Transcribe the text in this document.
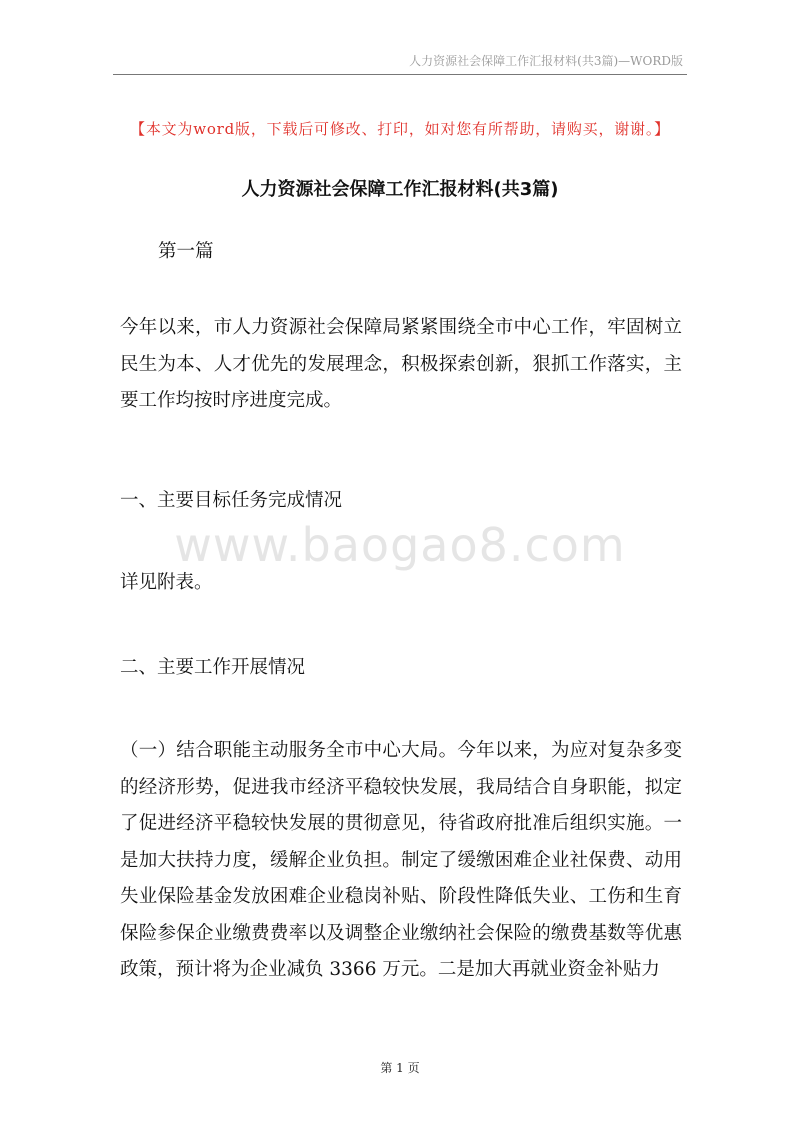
人力资源社会保障工作汇报材料(共3篇)—WORD版
【本文为word版，下载后可修改、打印，如对您有所帮助，请购买，谢谢。】
人力资源社会保障工作汇报材料(共3篇)

第一篇

今年以来，市人力资源社会保障局紧紧围绕全市中心工作，牢固树立民生为本、人才优先的发展理念，积极探索创新，狠抓工作落实，主要工作均按时序进度完成。

一、主要目标任务完成情况

www.baogao8.com

详见附表。

二、主要工作开展情况

（一）结合职能主动服务全市中心大局。今年以来，为应对复杂多变的经济形势，促进我市经济平稳较快发展，我局结合自身职能，拟定了促进经济平稳较快发展的贯彻意见，待省政府批准后组织实施。一是加大扶持力度，缓解企业负担。制定了缓缴困难企业社保费、动用失业保险基金发放困难企业稳岗补贴、阶段性降低失业、工伤和生育保险参保企业缴费费率以及调整企业缴纳社会保险的缴费基数等优惠政策，预计将为企业减负 3366 万元。二是加大再就业资金补贴力

第 1 页
